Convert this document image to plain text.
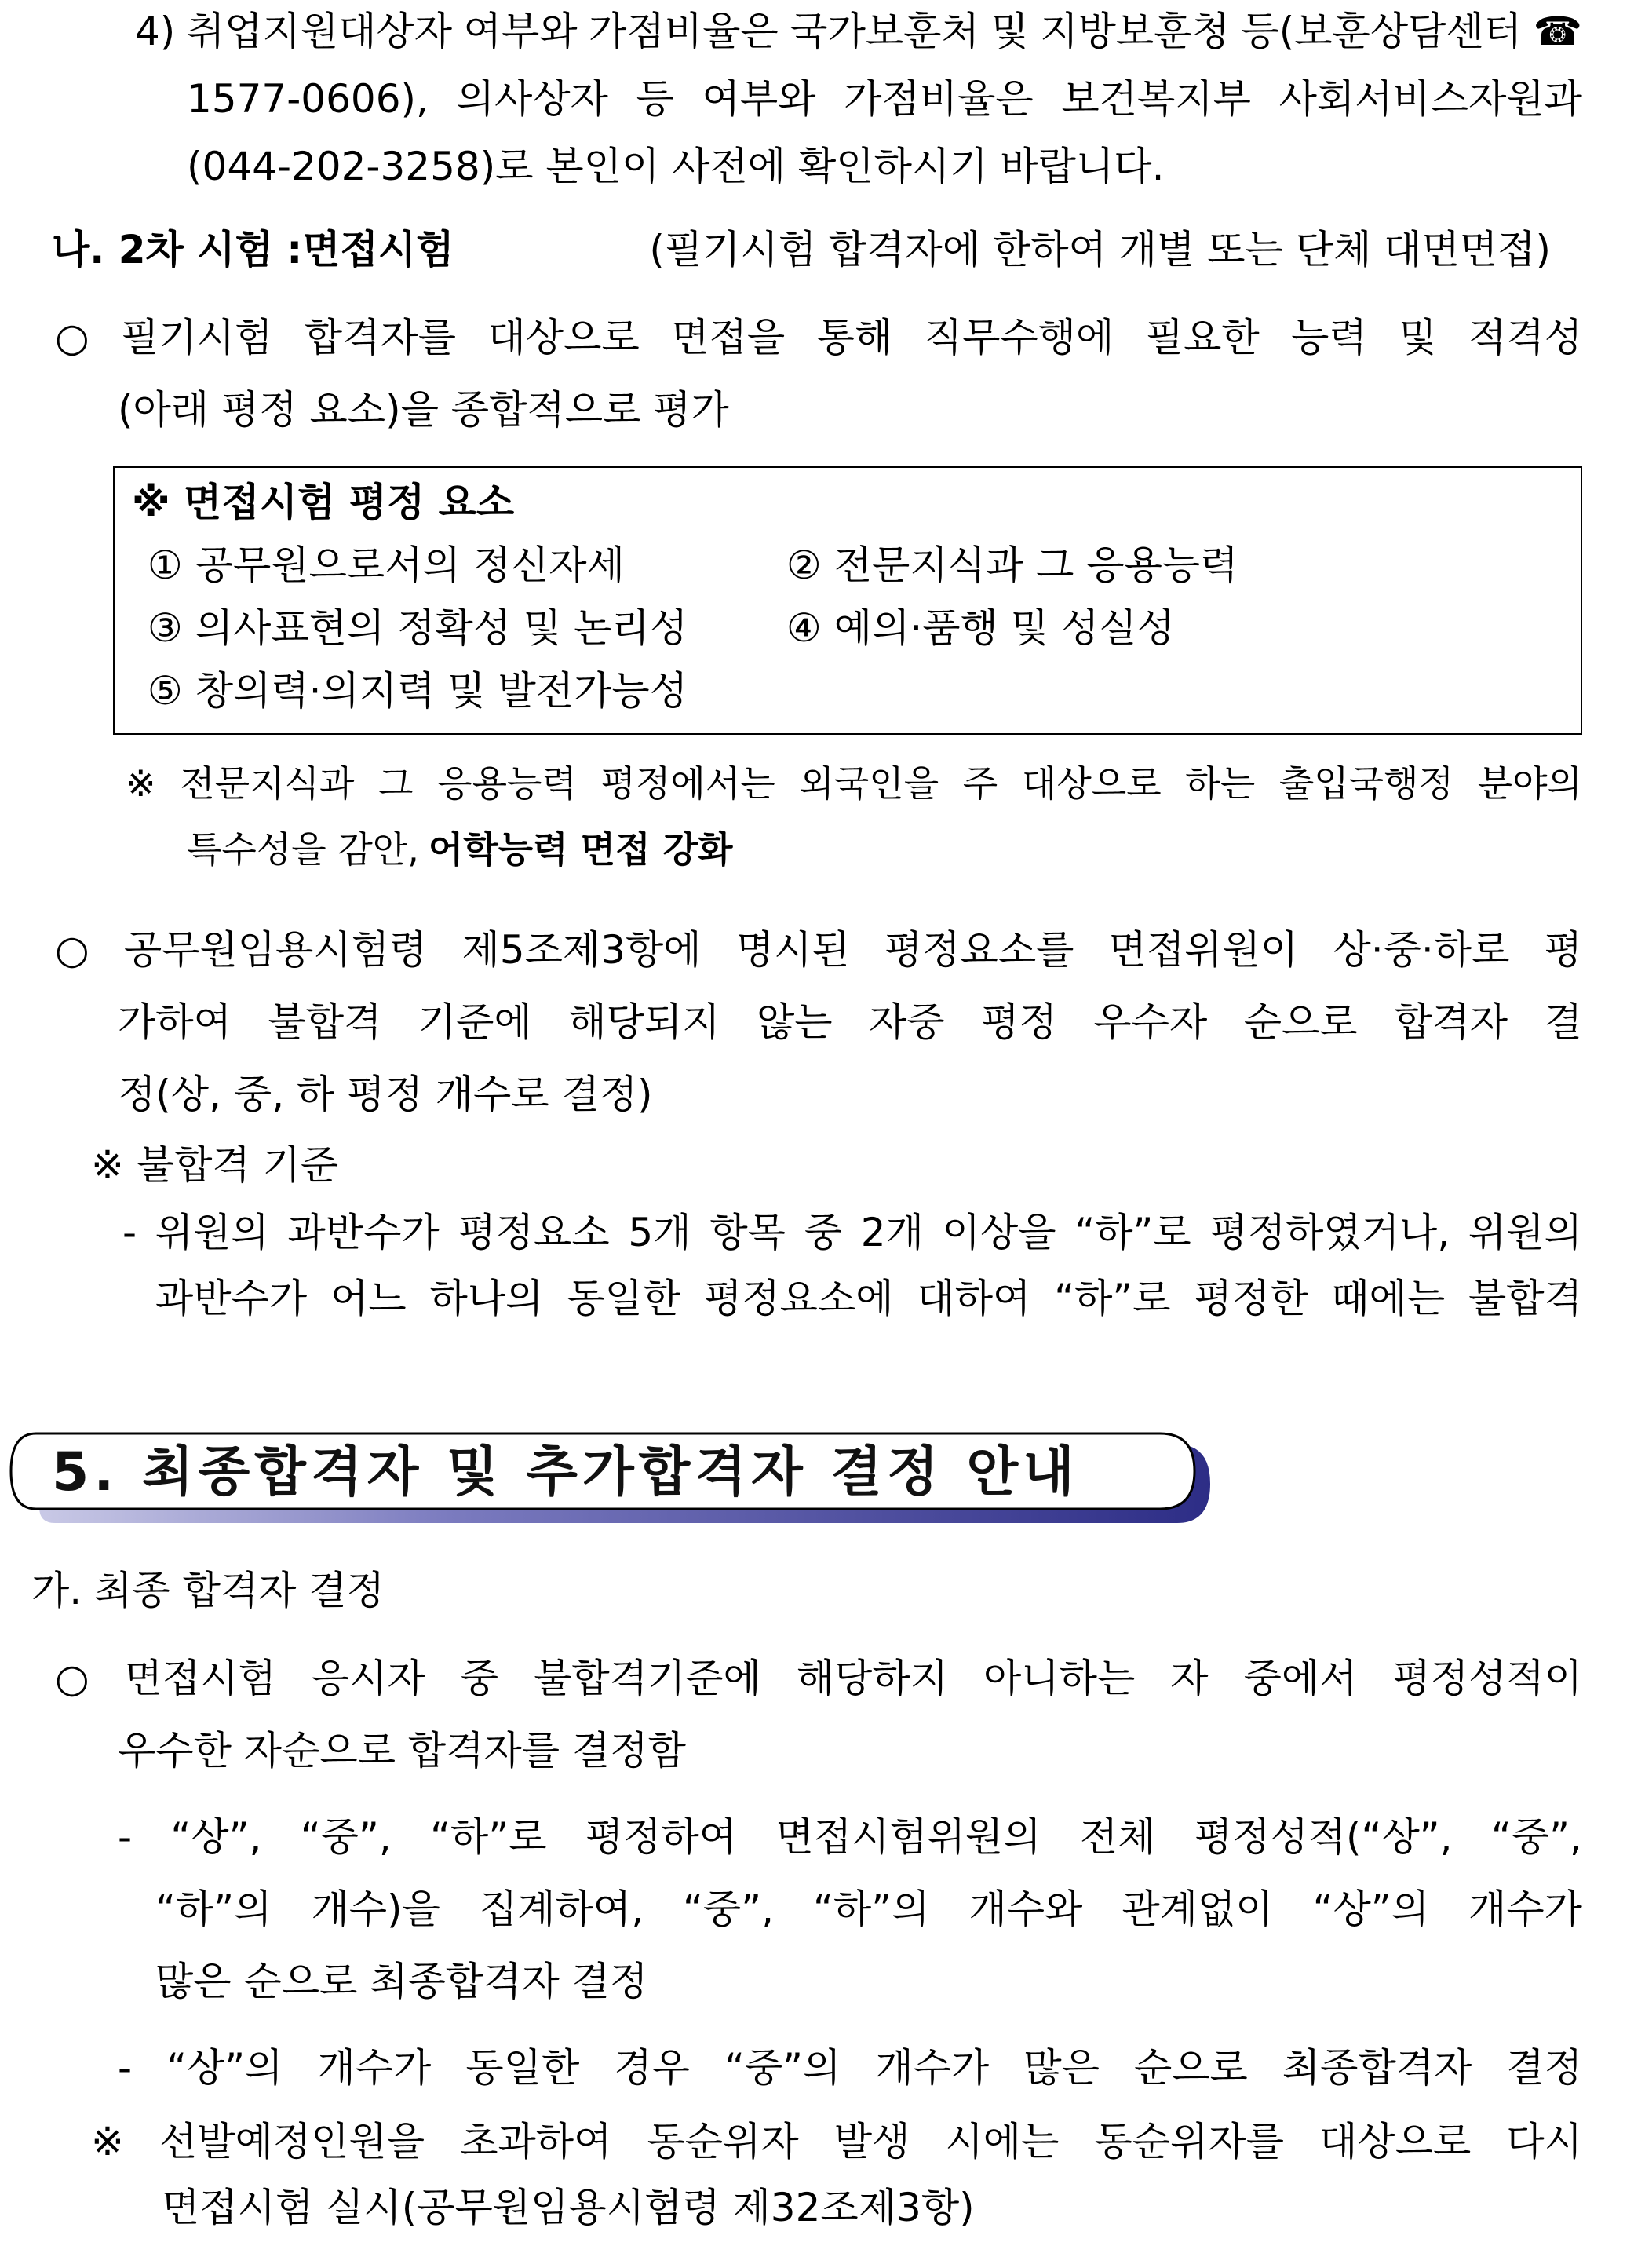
4) 취업지원대상자 여부와 가점비율은 국가보훈처 및 지방보훈청 등(보훈상담센터 ☎
1577-0606), 의사상자 등 여부와 가점비율은 보건복지부 사회서비스자원과
(044-202-3258)로 본인이 사전에 확인하시기 바랍니다.
나. 2차 시험 :면접시험	(필기시험 합격자에 한하여 개별 또는 단체 대면면접)
○ 필기시험 합격자를 대상으로 면접을 통해 직무수행에 필요한 능력 및 적격성
(아래 평정 요소)을 종합적으로 평가
※ 면접시험 평정 요소
① 공무원으로서의 정신자세	② 전문지식과 그 응용능력
③ 의사표현의 정확성 및 논리성	④ 예의·품행 및 성실성
⑤ 창의력·의지력 및 발전가능성
※ 전문지식과 그 응용능력 평정에서는 외국인을 주 대상으로 하는 출입국행정 분야의
특수성을 감안, 어학능력 면접 강화
○ 공무원임용시험령 제5조제3항에 명시된 평정요소를 면접위원이 상·중·하로 평
가하여 불합격 기준에 해당되지 않는 자중 평정 우수자 순으로 합격자 결
정(상, 중, 하 평정 개수로 결정)
※ 불합격 기준
- 위원의 과반수가 평정요소 5개 항목 중 2개 이상을 “하”로 평정하였거나, 위원의
과반수가 어느 하나의 동일한 평정요소에 대하여 “하”로 평정한 때에는 불합격
5. 최종합격자 및 추가합격자 결정 안내
가. 최종 합격자 결정
○ 면접시험 응시자 중 불합격기준에 해당하지 아니하는 자 중에서 평정성적이
우수한 자순으로 합격자를 결정함
- “상”, “중”, “하”로 평정하여 면접시험위원의 전체 평정성적(“상”, “중”,
“하”의 개수)을 집계하여, “중”, “하”의 개수와 관계없이 “상”의 개수가
많은 순으로 최종합격자 결정
- “상”의 개수가 동일한 경우 “중”의 개수가 많은 순으로 최종합격자 결정
※ 선발예정인원을 초과하여 동순위자 발생 시에는 동순위자를 대상으로 다시
면접시험 실시(공무원임용시험령 제32조제3항)
